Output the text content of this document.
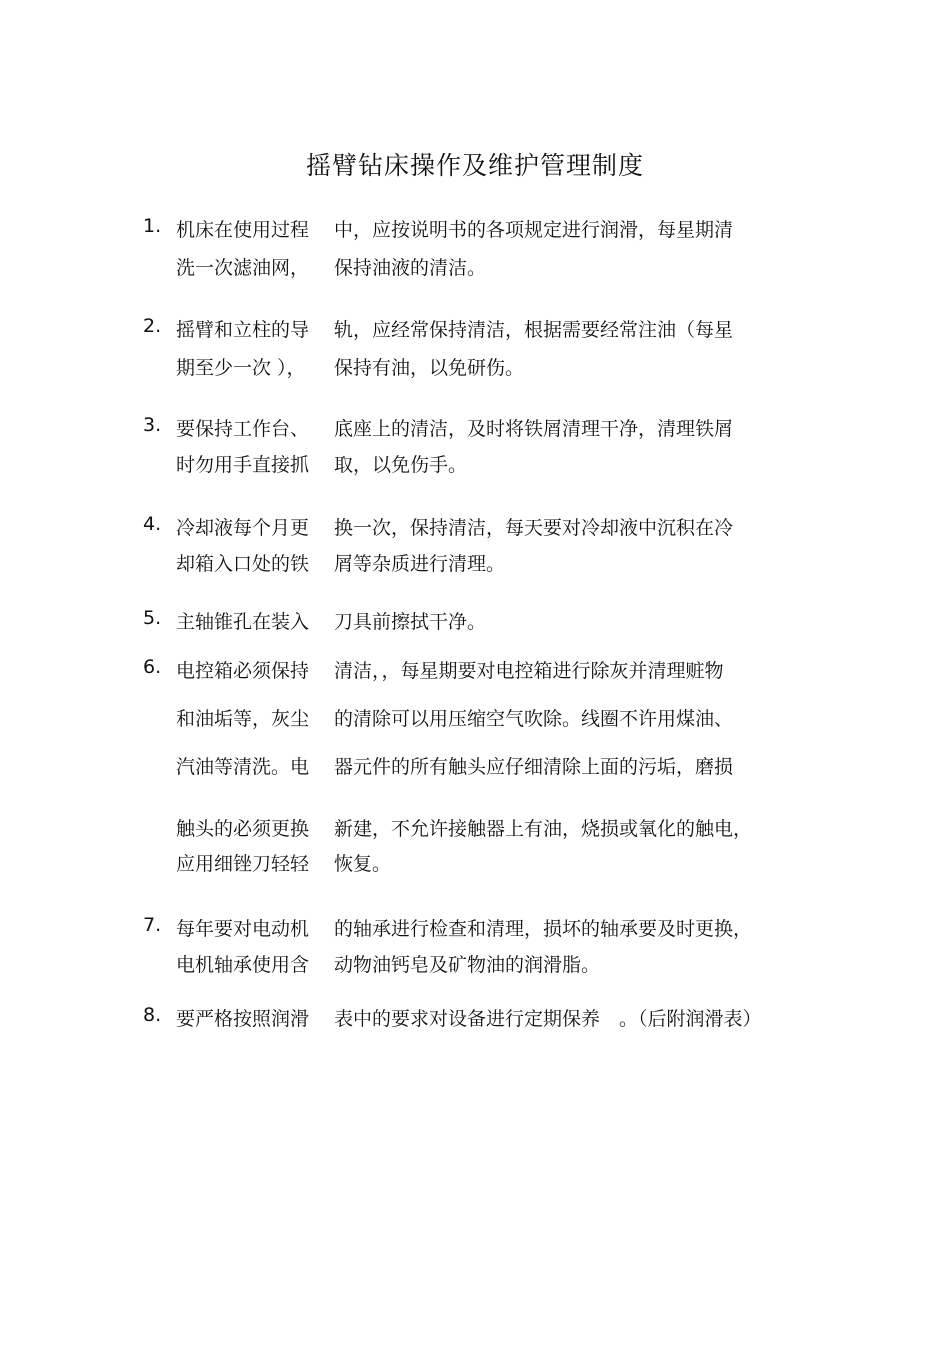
摇臂钻床操作及维护管理制度
1. 机床在使用过程 中，应按说明书的各项规定进行润滑，每星期清
洗一次滤油网， 保持油液的清洁。
2. 摇臂和立柱的导 轨，应经常保持清洁，根据需要经常注油（每星
期至少一次 ）， 保持有油，以免研伤。
3. 要保持工作台、 底座上的清洁，及时将铁屑清理干净，清理铁屑
时勿用手直接抓 取，以免伤手。
4. 冷却液每个月更 换一次，保持清洁，每天要对冷却液中沉积在冷
却箱入口处的铁 屑等杂质进行清理。
5. 主轴锥孔在装入 刀具前擦拭干净。
6. 电控箱必须保持 清洁，，每星期要对电控箱进行除灰并清理赃物
和油垢等，灰尘 的清除可以用压缩空气吹除。线圈不许用煤油、
汽油等清洗。电 器元件的所有触头应仔细清除上面的污垢，磨损
触头的必须更换 新建，不允许接触器上有油，烧损或氧化的触电，
应用细锉刀轻轻 恢复。
7. 每年要对电动机 的轴承进行检查和清理，损坏的轴承要及时更换，
电机轴承使用含 动物油钙皂及矿物油的润滑脂。
8. 要严格按照润滑 表中的要求对设备进行定期保养　。（后附润滑表）
